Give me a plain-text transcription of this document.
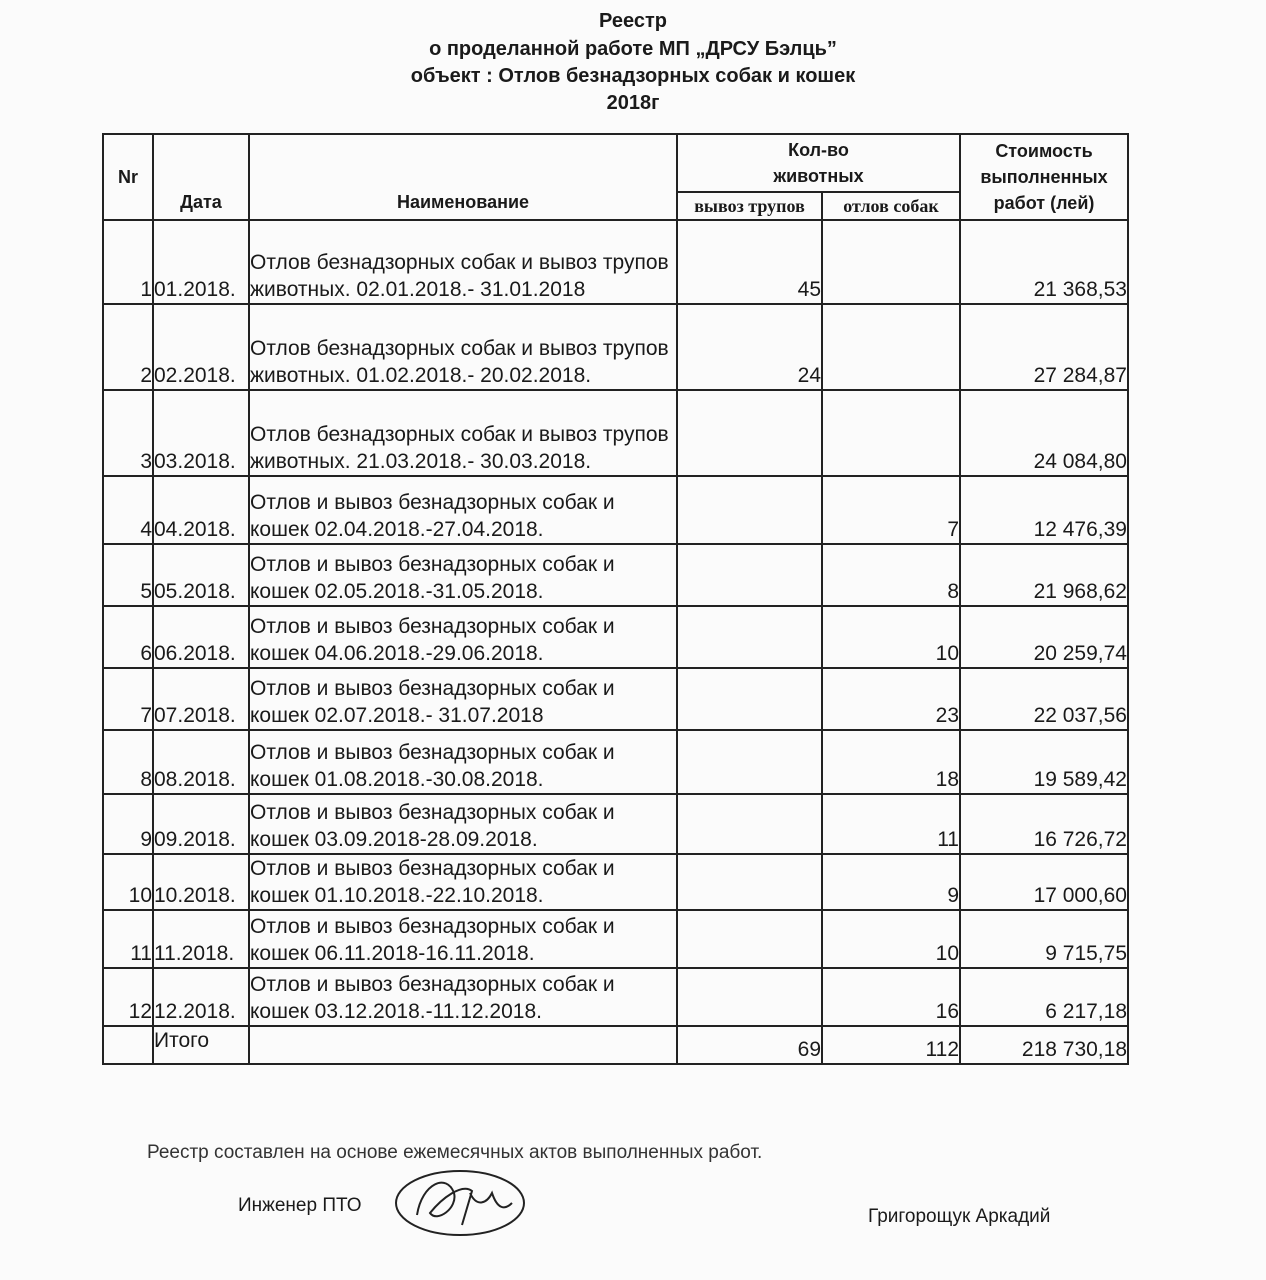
Реестр
о проделанной работе МП „ДРСУ Бэлць”
объект : Отлов безнадзорных собак и кошек
2018г
Nr	Дата	Наименование	Кол-во животных		Стоимость выполненных работ (лей)
			вывоз трупов	отлов собак	
1	01.2018.	Отлов безнадзорных собак и вывоз трупов животных. 02.01.2018.- 31.01.2018	45		21 368,53
2	02.2018.	Отлов безнадзорных собак и вывоз трупов животных. 01.02.2018.- 20.02.2018.	24		27 284,87
3	03.2018.	Отлов безнадзорных собак и вывоз трупов животных. 21.03.2018.- 30.03.2018.			24 084,80
4	04.2018.	Отлов и вывоз безнадзорных собак и кошек 02.04.2018.-27.04.2018.		7	12 476,39
5	05.2018.	Отлов и вывоз безнадзорных собак и кошек 02.05.2018.-31.05.2018.		8	21 968,62
6	06.2018.	Отлов и вывоз безнадзорных собак и кошек 04.06.2018.-29.06.2018.		10	20 259,74
7	07.2018.	Отлов и вывоз безнадзорных собак и кошек 02.07.2018.- 31.07.2018		23	22 037,56
8	08.2018.	Отлов и вывоз безнадзорных собак и кошек 01.08.2018.-30.08.2018.		18	19 589,42
9	09.2018.	Отлов и вывоз безнадзорных собак и кошек 03.09.2018-28.09.2018.		11	16 726,72
10	10.2018.	Отлов и вывоз безнадзорных собак и кошек 01.10.2018.-22.10.2018.		9	17 000,60
11	11.2018.	Отлов и вывоз безнадзорных собак и кошек 06.11.2018-16.11.2018.		10	9 715,75
12	12.2018.	Отлов и вывоз безнадзорных собак и кошек 03.12.2018.-11.12.2018.		16	6 217,18
	Итого		69	112	218 730,18
Реестр составлен на основе ежемесячных актов выполненных работ.
Инженер ПТО
Григорощук Аркадий
